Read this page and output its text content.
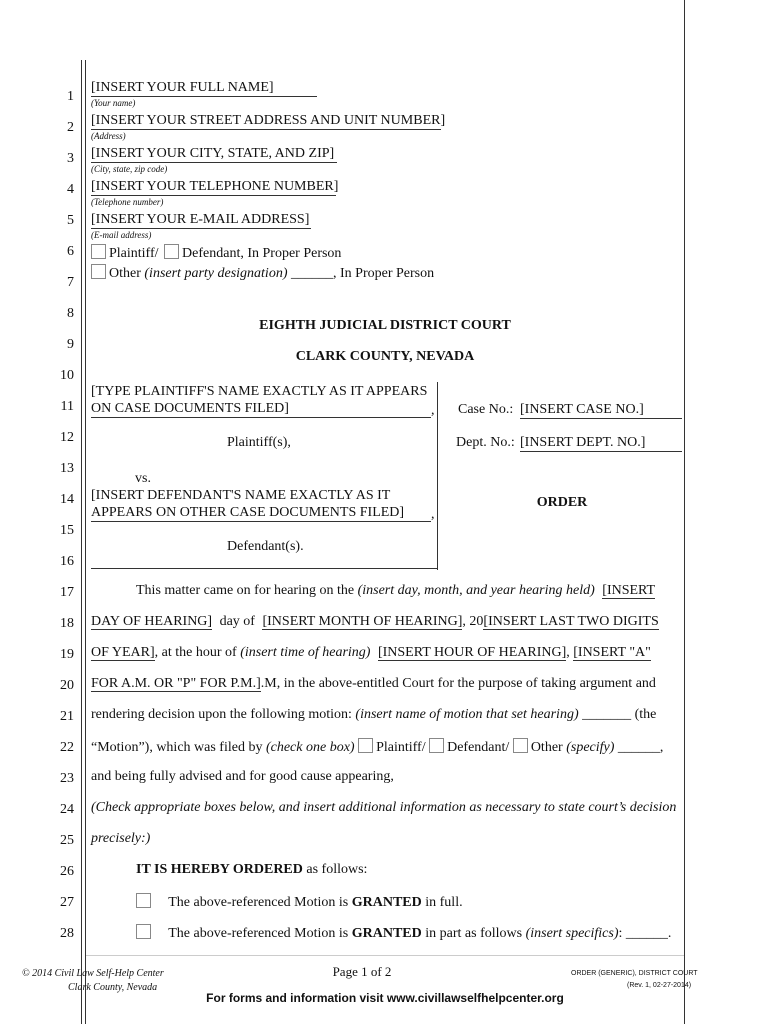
1
2
3
4
5
6
7
8
9
10
11
12
13
14
15
16
17
18
19
20
21
22
23
24
25
26
27
28
[INSERT YOUR FULL NAME]
(Your name)
[INSERT YOUR STREET ADDRESS AND UNIT NUMBER]
(Address)
[INSERT YOUR CITY, STATE, AND ZIP]
(City, state, zip code)
[INSERT YOUR TELEPHONE NUMBER]
(Telephone number)
[INSERT YOUR E-MAIL ADDRESS]
(E-mail address)
Plaintiff/ Defendant, In Proper Person
Other (insert party designation) ______, In Proper Person
EIGHTH JUDICIAL DISTRICT COURT
CLARK COUNTY, NEVADA
[TYPE PLAINTIFF'S NAME EXACTLY AS IT APPEARS
ON CASE DOCUMENTS FILED]	,
Plaintiff(s),
vs.
[INSERT DEFENDANT'S NAME EXACTLY AS IT
APPEARS ON OTHER CASE DOCUMENTS FILED]	,
Defendant(s).
Case No.: [INSERT CASE NO.]
Dept. No.: [INSERT DEPT. NO.]
ORDER
This matter came on for hearing on the (insert day, month, and year hearing held) [INSERT
DAY OF HEARING] day of [INSERT MONTH OF HEARING], 20[INSERT LAST TWO DIGITS
OF YEAR], at the hour of (insert time of hearing) [INSERT HOUR OF HEARING], [INSERT "A"
FOR A.M. OR "P" FOR P.M.].M, in the above-entitled Court for the purpose of taking argument and
rendering decision upon the following motion: (insert name of motion that set hearing) _______ (the
“Motion”), which was filed by (check one box) Plaintiff/ Defendant/ Other (specify) ______,
and being fully advised and for good cause appearing,
(Check appropriate boxes below, and insert additional information as necessary to state court’s decision
precisely:)
IT IS HEREBY ORDERED as follows:
The above-referenced Motion is GRANTED in full.
The above-referenced Motion is GRANTED in part as follows (insert specifics): ______.
© 2014 Civil Law Self-Help Center
Clark County, Nevada
Page 1 of 2	ORDER (GENERIC), DISTRICT COURT
(Rev. 1, 02-27-2014)
For forms and information visit www.civillawselfhelpcenter.org
